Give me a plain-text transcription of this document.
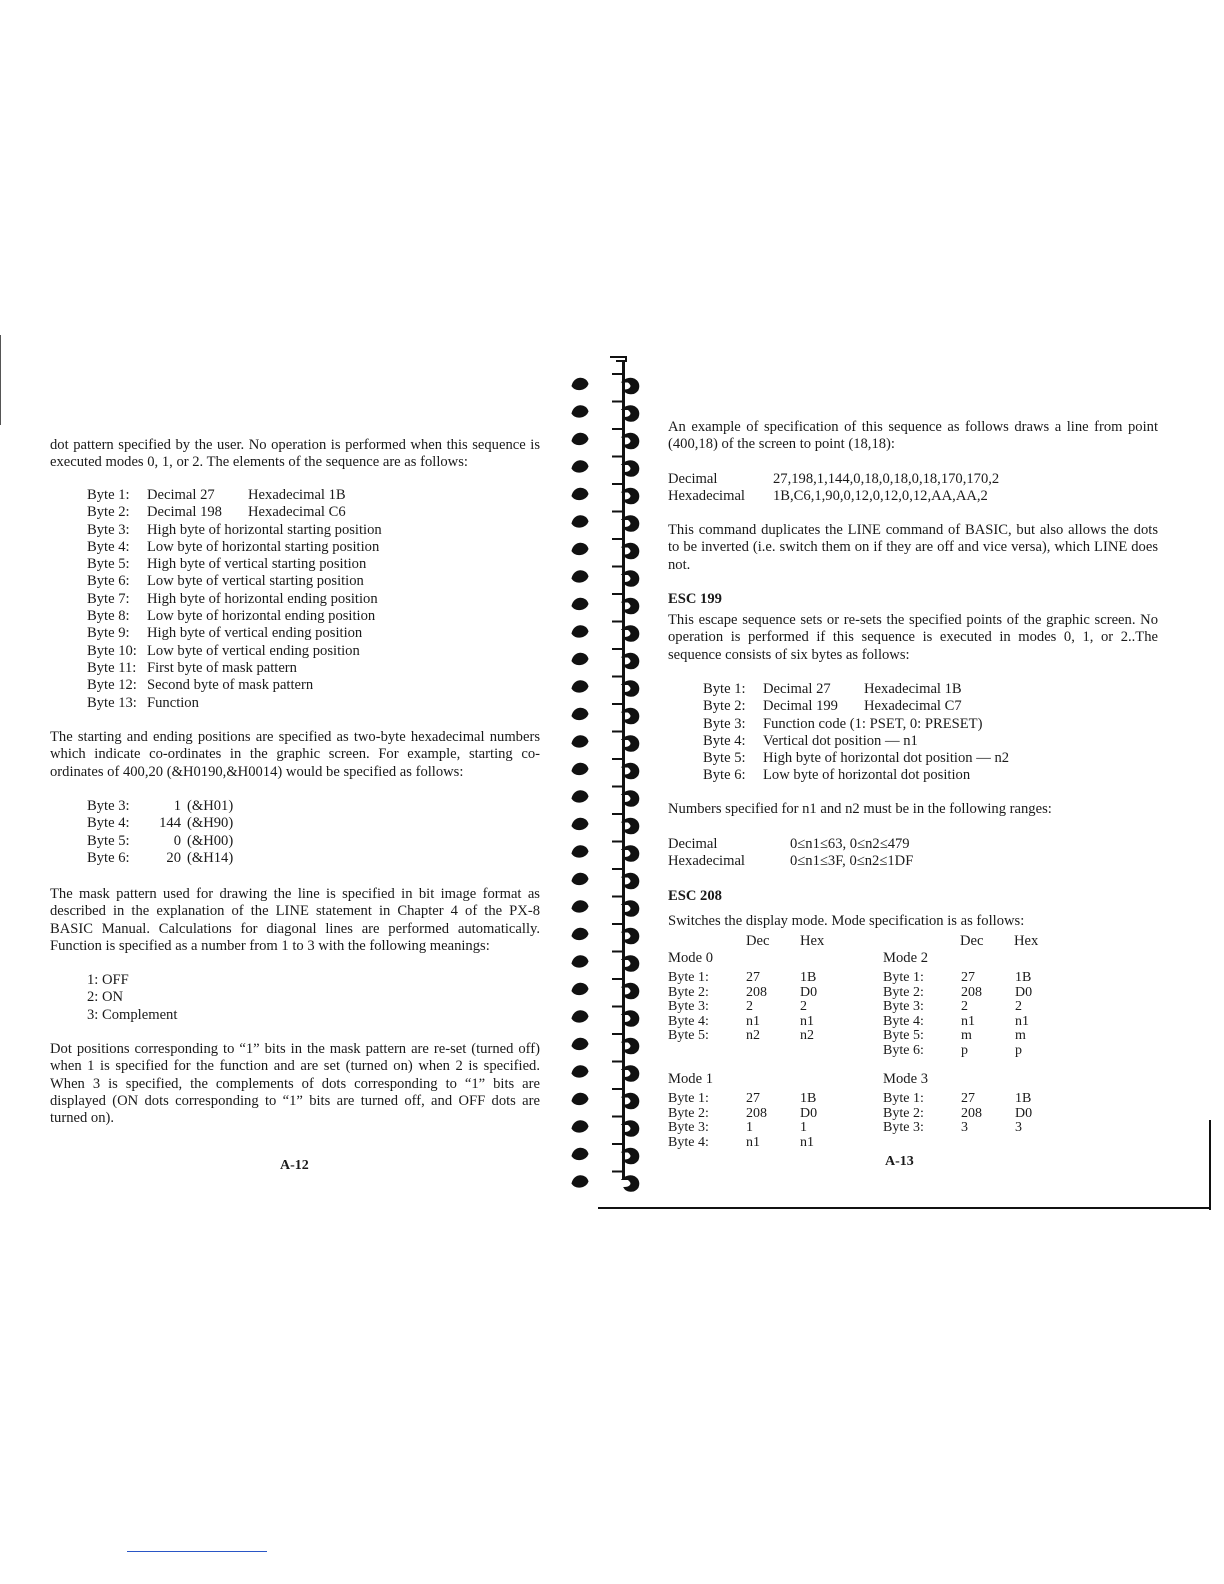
dot pattern specified by the user. No operation is performed when this sequence is executed modes 0, 1, or 2. The elements of the sequence are as follows:

Byte 1:	Decimal 27	Hexadecimal 1B
Byte 2:	Decimal 198	Hexadecimal C6
Byte 3:	High byte of horizontal starting position
Byte 4:	Low byte of horizontal starting position
Byte 5:	High byte of vertical starting position
Byte 6:	Low byte of vertical starting position
Byte 7:	High byte of horizontal ending position
Byte 8:	Low byte of horizontal ending position
Byte 9:	High byte of vertical ending position
Byte 10: Low byte of vertical ending position
Byte 11: First byte of mask pattern
Byte 12: Second byte of mask pattern
Byte 13: Function

The starting and ending positions are specified as two-byte hexadecimal numbers which indicate co-ordinates in the graphic screen. For example, starting co-ordinates of 400,20 (&H0190,&H0014) would be specified as follows:

Byte 3:	1 (&H01)
Byte 4:	144 (&H90)
Byte 5:	0 (&H00)
Byte 6:	20 (&H14)

The mask pattern used for drawing the line is specified in bit image format as described in the explanation of the LINE statement in Chapter 4 of the PX-8 BASIC Manual. Calculations for diagonal lines are performed automatically. Function is specified as a number from 1 to 3 with the following meanings:

1: OFF
2: ON
3: Complement

Dot positions corresponding to “1” bits in the mask pattern are re-set (turned off) when 1 is specified for the function and are set (turned on) when 2 is specified. When 3 is specified, the complements of dots corresponding to “1” bits are displayed (ON dots corresponding to “1” bits are turned off, and OFF dots are turned on).

A-12

An example of specification of this sequence as follows draws a line from point (400,18) of the screen to point (18,18):

Decimal	27,198,1,144,0,18,0,18,0,18,170,170,2
Hexadecimal	1B,C6,1,90,0,12,0,12,0,12,AA,AA,2

This command duplicates the LINE command of BASIC, but also allows the dots to be inverted (i.e. switch them on if they are off and vice versa), which LINE does not.

ESC 199

This escape sequence sets or re-sets the specified points of the graphic screen. No operation is performed if this sequence is executed in modes 0, 1, or 2..The sequence consists of six bytes as follows:

Byte 1:	Decimal 27	Hexadecimal 1B
Byte 2:	Decimal 199	Hexadecimal C7
Byte 3:	Function code (1: PSET, 0: PRESET)
Byte 4:	Vertical dot position — n1
Byte 5:	High byte of horizontal dot position — n2
Byte 6:	Low byte of horizontal dot position

Numbers specified for n1 and n2 must be in the following ranges:

Decimal	0≤n1≤63, 0≤n2≤479
Hexadecimal	0≤n1≤3F, 0≤n2≤1DF
ESC 208

Switches the display mode. Mode specification is as follows:

Dec Hex	Dec Hex
Mode 0
Byte 1:	27	1B
Byte 2:	208	D0
Byte 3:	2	2
Byte 4:	n1	n1
Byte 5:	n2	n2
Mode 2
Byte 1:	27	1B
Byte 2:	208	D0
Byte 3:	2	2
Byte 4:	n1	n1
Byte 5:	m	m
Byte 6:	p	p
Mode 1
Byte 1:	27	1B
Byte 2:	208	D0
Byte 3:	1	1
Byte 4:	n1	n1
Mode 3
Byte 1:	27	1B
Byte 2:	208	D0
Byte 3:	3	3
A-13
